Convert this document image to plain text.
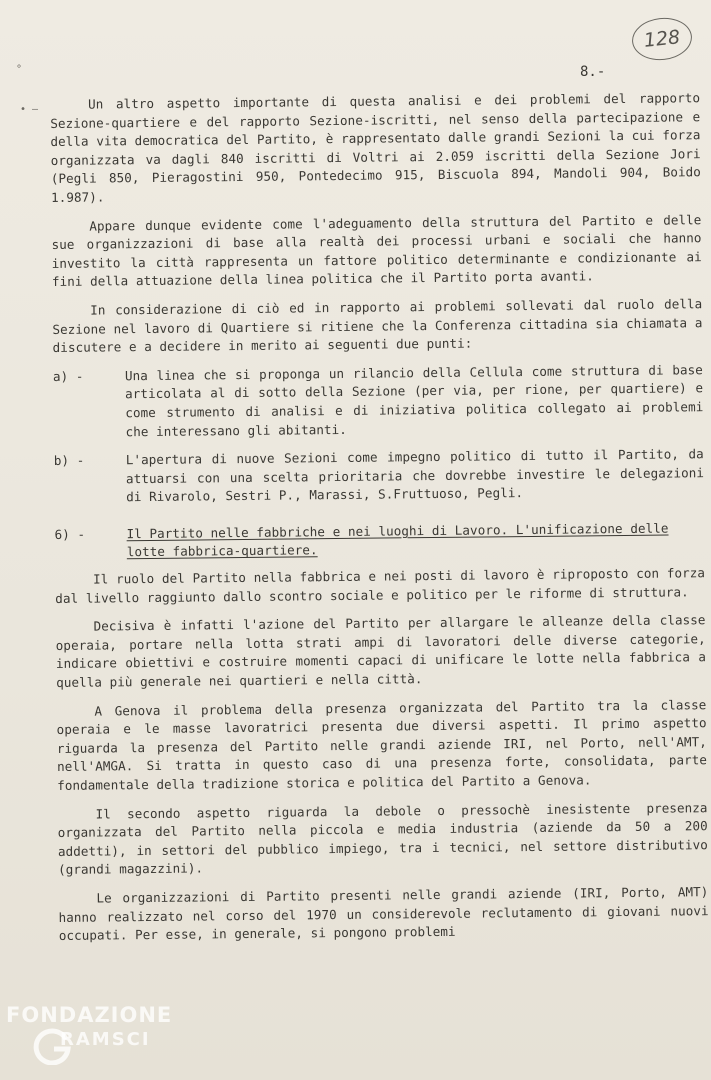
128
°
• –
8.-

Un altro aspetto importante di questa analisi e dei problemi del rapporto Sezione-quartiere e del rapporto Sezione-iscritti, nel senso della partecipazione e della vita democratica del Partito, è rappresentato dalle grandi Sezioni la cui forza organizzata va dagli 840 iscritti di Voltri ai 2.059 iscritti della Sezione Jori (Pegli 850, Pieragostini 950, Pontedecimo 915, Biscuola 894, Mandoli 904, Boido 1.987).

Appare dunque evidente come l'adeguamento della struttura del Partito e delle sue organizzazioni di base alla realtà dei processi urbani e sociali che hanno investito la città rappresenta un fattore politico determinante e condizionante ai fini della attuazione della linea politica che il Partito porta avanti.

In considerazione di ciò ed in rapporto ai problemi sollevati dal ruolo della Sezione nel lavoro di Quartiere si ritiene che la Conferenza cittadina sia chiamata a discutere e a decidere in merito ai seguenti due punti:

a) -	Una linea che si proponga un rilancio della Cellula come struttura di base articolata al di sotto della Sezione (per via, per rione, per quartiere) e come strumento di analisi e di iniziativa politica collegato ai problemi che interessano gli abitanti.
b) -	L'apertura di nuove Sezioni come impegno politico di tutto il Partito, da attuarsi con una scelta prioritaria che dovrebbe investire le delegazioni di Rivarolo, Sestri P., Marassi, S.Fruttuoso, Pegli.
6) -	Il Partito nelle fabbriche e nei luoghi di Lavoro. L'unificazione delle lotte fabbrica-quartiere.

Il ruolo del Partito nella fabbrica e nei posti di lavoro è riproposto con forza dal livello raggiunto dallo scontro sociale e politico per le riforme di struttura.

Decisiva è infatti l'azione del Partito per allargare le alleanze della classe operaia, portare nella lotta strati ampi di lavoratori delle diverse categorie, indicare obiettivi e costruire momenti capaci di unificare le lotte nella fabbrica a quella più generale nei quartieri e nella città.

A Genova il problema della presenza organizzata del Partito tra la classe operaia e le masse lavoratrici presenta due diversi aspetti. Il primo aspetto riguarda la presenza del Partito nelle grandi aziende IRI, nel Porto, nell'AMT, nell'AMGA. Si tratta in questo caso di una presenza forte, consolidata, parte fondamentale della tradizione storica e politica del Partito a Genova.

Il secondo aspetto riguarda la debole o pressochè inesistente presenza organizzata del Partito nella piccola e media industria (aziende da 50 a 200 addetti), in settori del pubblico impiego, tra i tecnici, nel settore distributivo (grandi magazzini).

Le organizzazioni di Partito presenti nelle grandi aziende (IRI, Porto, AMT) hanno realizzato nel corso del 1970 un considerevole reclutamento di giovani nuovi occupati. Per esse, in generale, si pongono problemi

FONDAZIONE
RAMSCI
